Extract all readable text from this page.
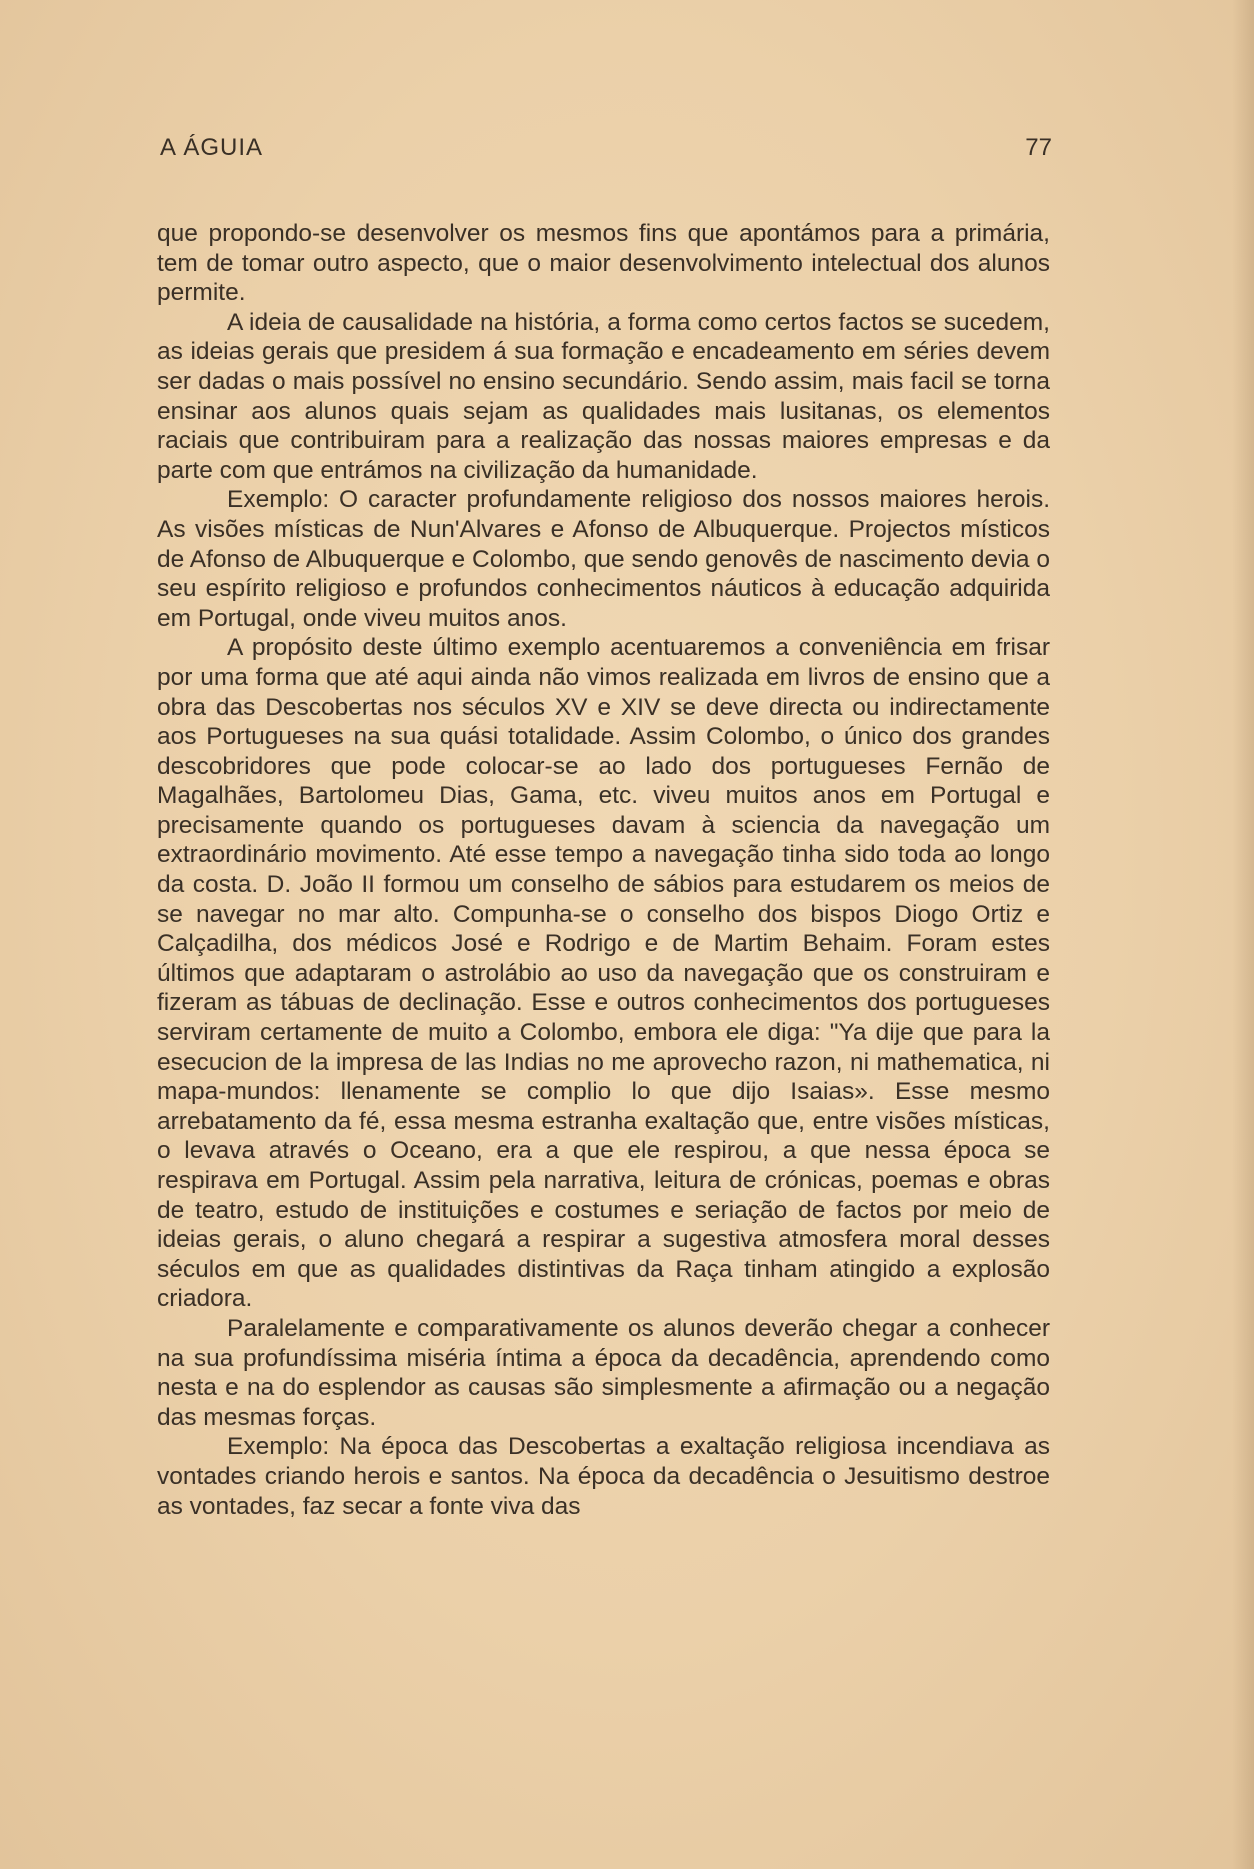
A ÁGUIA	77

que propondo-se desenvolver os mesmos fins que apontámos para a primária, tem de tomar outro aspecto, que o maior desenvolvimento intelectual dos alunos permite.

A ideia de causalidade na história, a forma como certos factos se sucedem, as ideias gerais que presidem á sua formação e encadeamento em séries devem ser dadas o mais possível no ensino secundário. Sendo assim, mais facil se torna ensinar aos alunos quais sejam as qualidades mais lusitanas, os elementos raciais que contribuiram para a realização das nossas maiores empresas e da parte com que entrámos na civilização da humanidade.

Exemplo: O caracter profundamente religioso dos nossos maiores herois. As visões místicas de Nun'Alvares e Afonso de Albuquerque. Projectos místicos de Afonso de Albuquerque e Colombo, que sendo genovês de nascimento devia o seu espírito religioso e profundos conhecimentos náuticos à educação adquirida em Portugal, onde viveu muitos anos.

A propósito deste último exemplo acentuaremos a conveniência em frisar por uma forma que até aqui ainda não vimos realizada em livros de ensino que a obra das Descobertas nos séculos XV e XIV se deve directa ou indirectamente aos Portugueses na sua quási totalidade. Assim Colombo, o único dos grandes descobridores que pode colocar-se ao lado dos portugueses Fernão de Magalhães, Bartolomeu Dias, Gama, etc. viveu muitos anos em Portugal e precisamente quando os portugueses davam à sciencia da navegação um extraordinário movimento. Até esse tempo a navegação tinha sido toda ao longo da costa. D. João II formou um conselho de sábios para estudarem os meios de se navegar no mar alto. Compunha-se o conselho dos bispos Diogo Ortiz e Calçadilha, dos médicos José e Rodrigo e de Martim Behaim. Foram estes últimos que adaptaram o astrolábio ao uso da navegação que os construiram e fizeram as tábuas de declinação. Esse e outros conhecimentos dos portugueses serviram certamente de muito a Colombo, embora ele diga: "Ya dije que para la esecucion de la impresa de las Indias no me aprovecho razon, ni mathematica, ni mapa-mundos: llenamente se complio lo que dijo Isaias». Esse mesmo arrebatamento da fé, essa mesma estranha exaltação que, entre visões místicas, o levava através o Oceano, era a que ele respirou, a que nessa época se respirava em Portugal. Assim pela narrativa, leitura de crónicas, poemas e obras de teatro, estudo de instituições e costumes e seriação de factos por meio de ideias gerais, o aluno chegará a respirar a sugestiva atmosfera moral desses séculos em que as qualidades distintivas da Raça tinham atingido a explosão criadora.

Paralelamente e comparativamente os alunos deverão chegar a conhecer na sua profundíssima miséria íntima a época da decadência, aprendendo como nesta e na do esplendor as causas são simplesmente a afirmação ou a negação das mesmas forças.

Exemplo: Na época das Descobertas a exaltação religiosa incendiava as vontades criando herois e santos. Na época da decadência o Jesuitismo destroe as vontades, faz secar a fonte viva das
